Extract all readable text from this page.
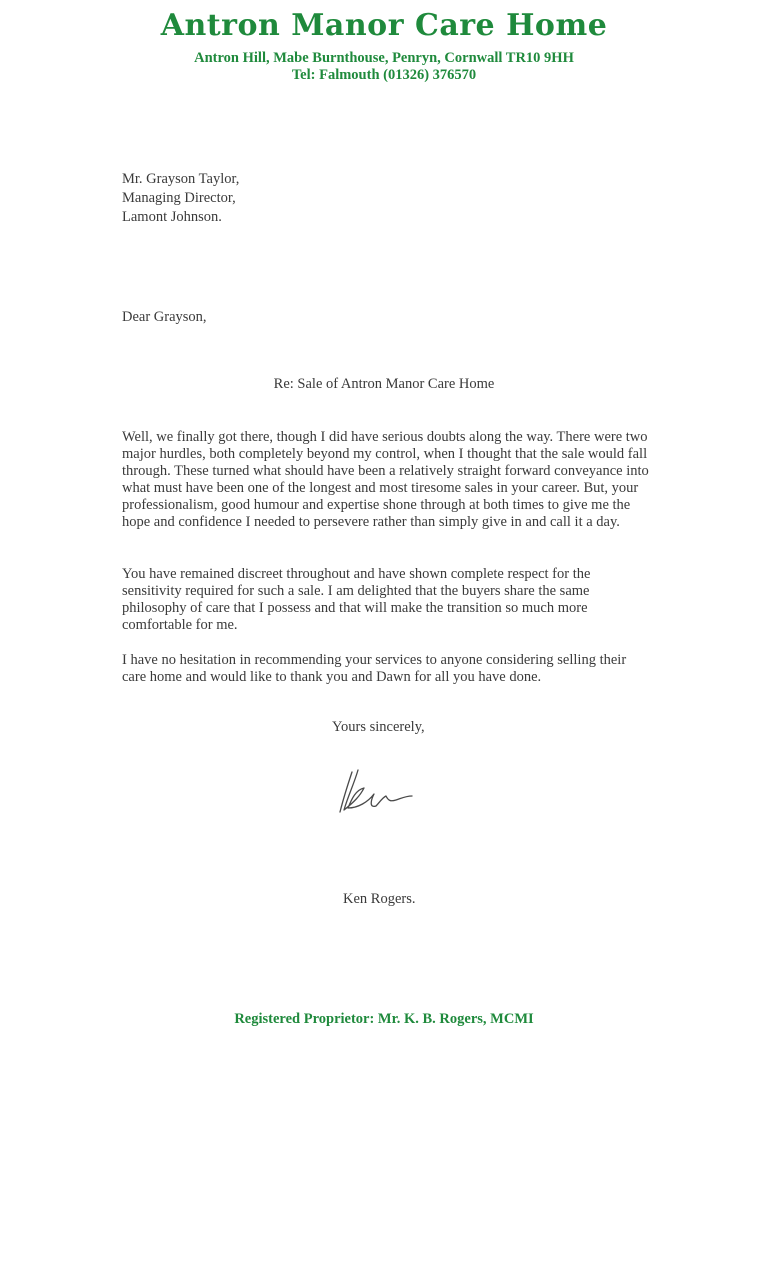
Antron Manor Care Home
Antron Hill, Mabe Burnthouse, Penryn, Cornwall TR10 9HH
Tel: Falmouth (01326) 376570
Mr. Grayson Taylor,
Managing Director,
Lamont Johnson.
Dear Grayson,
Re: Sale of Antron Manor Care Home

Well, we finally got there, though I did have serious doubts along the way. There were two major hurdles, both completely beyond my control, when I thought that the sale would fall through. These turned what should have been a relatively straight forward conveyance into what must have been one of the longest and most tiresome sales in your career. But, your professionalism, good humour and expertise shone through at both times to give me the hope and confidence I needed to persevere rather than simply give in and call it a day.

You have remained discreet throughout and have shown complete respect for the sensitivity required for such a sale. I am delighted that the buyers share the same philosophy of care that I possess and that will make the transition so much more comfortable for me.

I have no hesitation in recommending your services to anyone considering selling their care home and would like to thank you and Dawn for all you have done.

Yours sincerely,
Ken Rogers.
Registered Proprietor: Mr. K. B. Rogers, MCMI
